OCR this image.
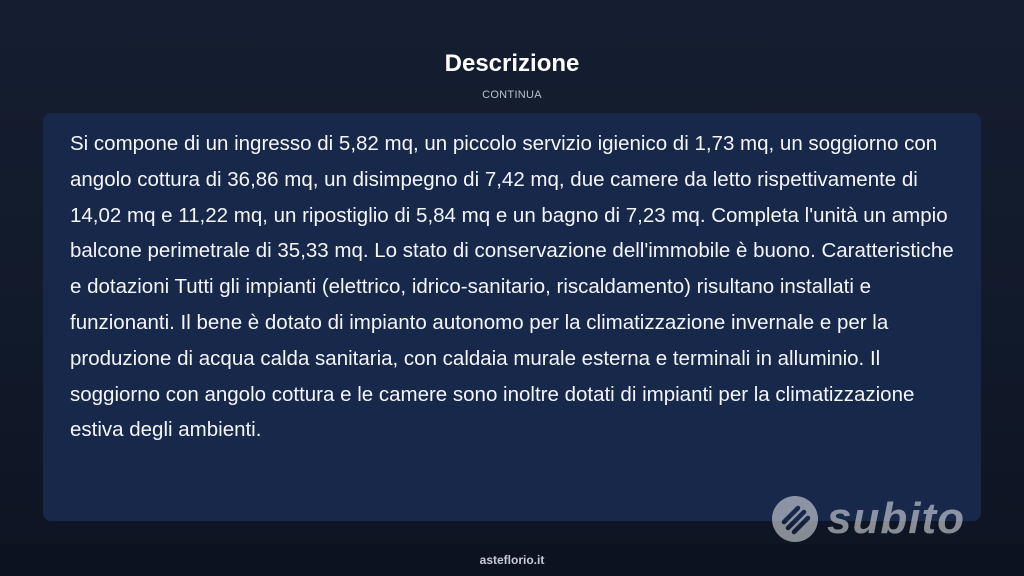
Descrizione
CONTINUA

Si compone di un ingresso di 5,82 mq, un piccolo servizio igienico di 1,73 mq, un soggiorno con angolo cottura di 36,86 mq, un disimpegno di 7,42 mq, due camere da letto rispettivamente di 14,02 mq e 11,22 mq, un ripostiglio di 5,84 mq e un bagno di 7,23 mq. Completa l'unità un ampio balcone perimetrale di 35,33 mq. Lo stato di conservazione dell'immobile è buono. Caratteristiche e dotazioni Tutti gli impianti (elettrico, idrico-sanitario, riscaldamento) risultano installati e funzionanti. Il bene è dotato di impianto autonomo per la climatizzazione invernale e per la produzione di acqua calda sanitaria, con caldaia murale esterna e terminali in alluminio. Il soggiorno con angolo cottura e le camere sono inoltre dotati di impianti per la climatizzazione estiva degli ambienti.

subito
asteflorio.it
